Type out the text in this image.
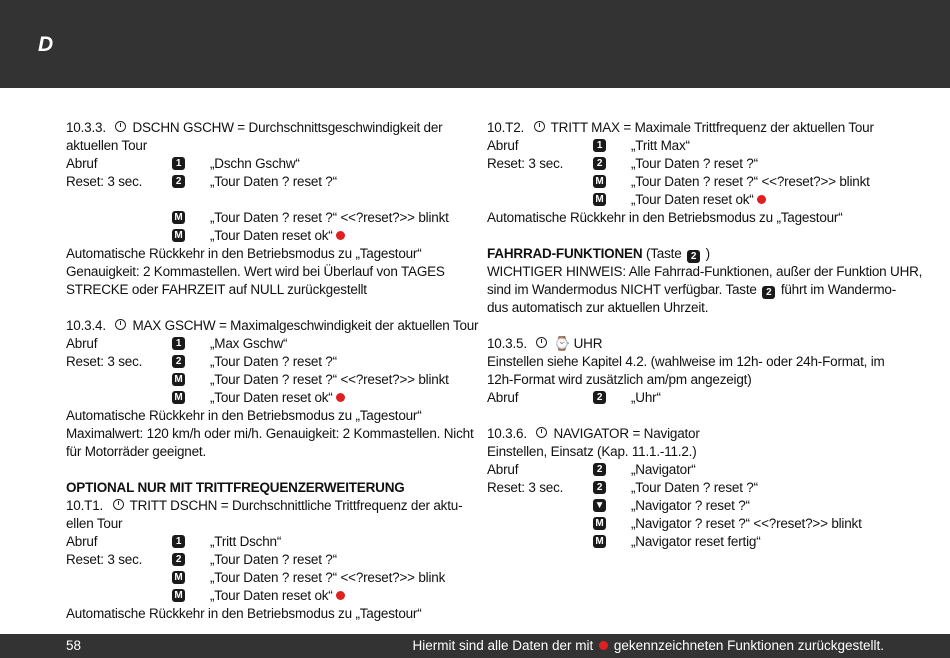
D
10.3.3. DSCHN GSCHW = Durchschnittsgeschwindigkeit der
aktuellen Tour
Abruf	1 „Dschn Gschw“
Reset: 3 sec.	2 „Tour Daten ? reset ?“
M „Tour Daten ? reset ?“ <<?reset?>> blinkt
M „Tour Daten reset ok“
Automatische Rückkehr in den Betriebsmodus zu „Tagestour“
Genauigkeit: 2 Kommastellen. Wert wird bei Überlauf von TAGES
STRECKE oder FAHRZEIT auf NULL zurückgestellt
10.3.4. MAX GSCHW = Maximalgeschwindigkeit der aktuellen Tour
Abruf	1 „Max Gschw“
Reset: 3 sec.	2 „Tour Daten ? reset ?“
M „Tour Daten ? reset ?“ <<?reset?>> blinkt
M „Tour Daten reset ok“
Automatische Rückkehr in den Betriebsmodus zu „Tagestour“
Maximalwert: 120 km/h oder mi/h. Genauigkeit: 2 Kommastellen. Nicht
für Motorräder geeignet.
OPTIONAL NUR MIT TRITTFREQUENZERWEITERUNG
10.T1. TRITT DSCHN = Durchschnittliche Trittfrequenz der aktu-
ellen Tour
Abruf	1 „Tritt Dschn“
Reset: 3 sec.	2 „Tour Daten ? reset ?“
M „Tour Daten ? reset ?“ <<?reset?>> blink
M „Tour Daten reset ok“
Automatische Rückkehr in den Betriebsmodus zu „Tagestour“
10.T2. TRITT MAX = Maximale Trittfrequenz der aktuellen Tour
Abruf	1 „Tritt Max“
Reset: 3 sec.	2 „Tour Daten ? reset ?“
M „Tour Daten ? reset ?“ <<?reset?>> blinkt
M „Tour Daten reset ok“
Automatische Rückkehr in den Betriebsmodus zu „Tagestour“
FAHRRAD-FUNKTIONEN (Taste 2 )
WICHTIGER HINWEIS: Alle Fahrrad-Funktionen, außer der Funktion UHR,
sind im Wandermodus NICHT verfügbar. Taste 2 führt im Wandermo-
dus automatisch zur aktuellen Uhrzeit.
10.3.5. ⌚ UHR
Einstellen siehe Kapitel 4.2. (wahlweise im 12h- oder 24h-Format, im
12h-Format wird zusätzlich am/pm angezeigt)
Abruf	2 „Uhr“
10.3.6. NAVIGATOR = Navigator
Einstellen, Einsatz (Kap. 11.1.-11.2.)
Abruf	2 „Navigator“
Reset: 3 sec.	2 „Tour Daten ? reset ?“
▼ „Navigator ? reset ?“
M „Navigator ? reset ?“ <<?reset?>> blinkt
M „Navigator reset fertig“
58	Hiermit sind alle Daten der mit gekennzeichneten Funktionen zurückgestellt.
